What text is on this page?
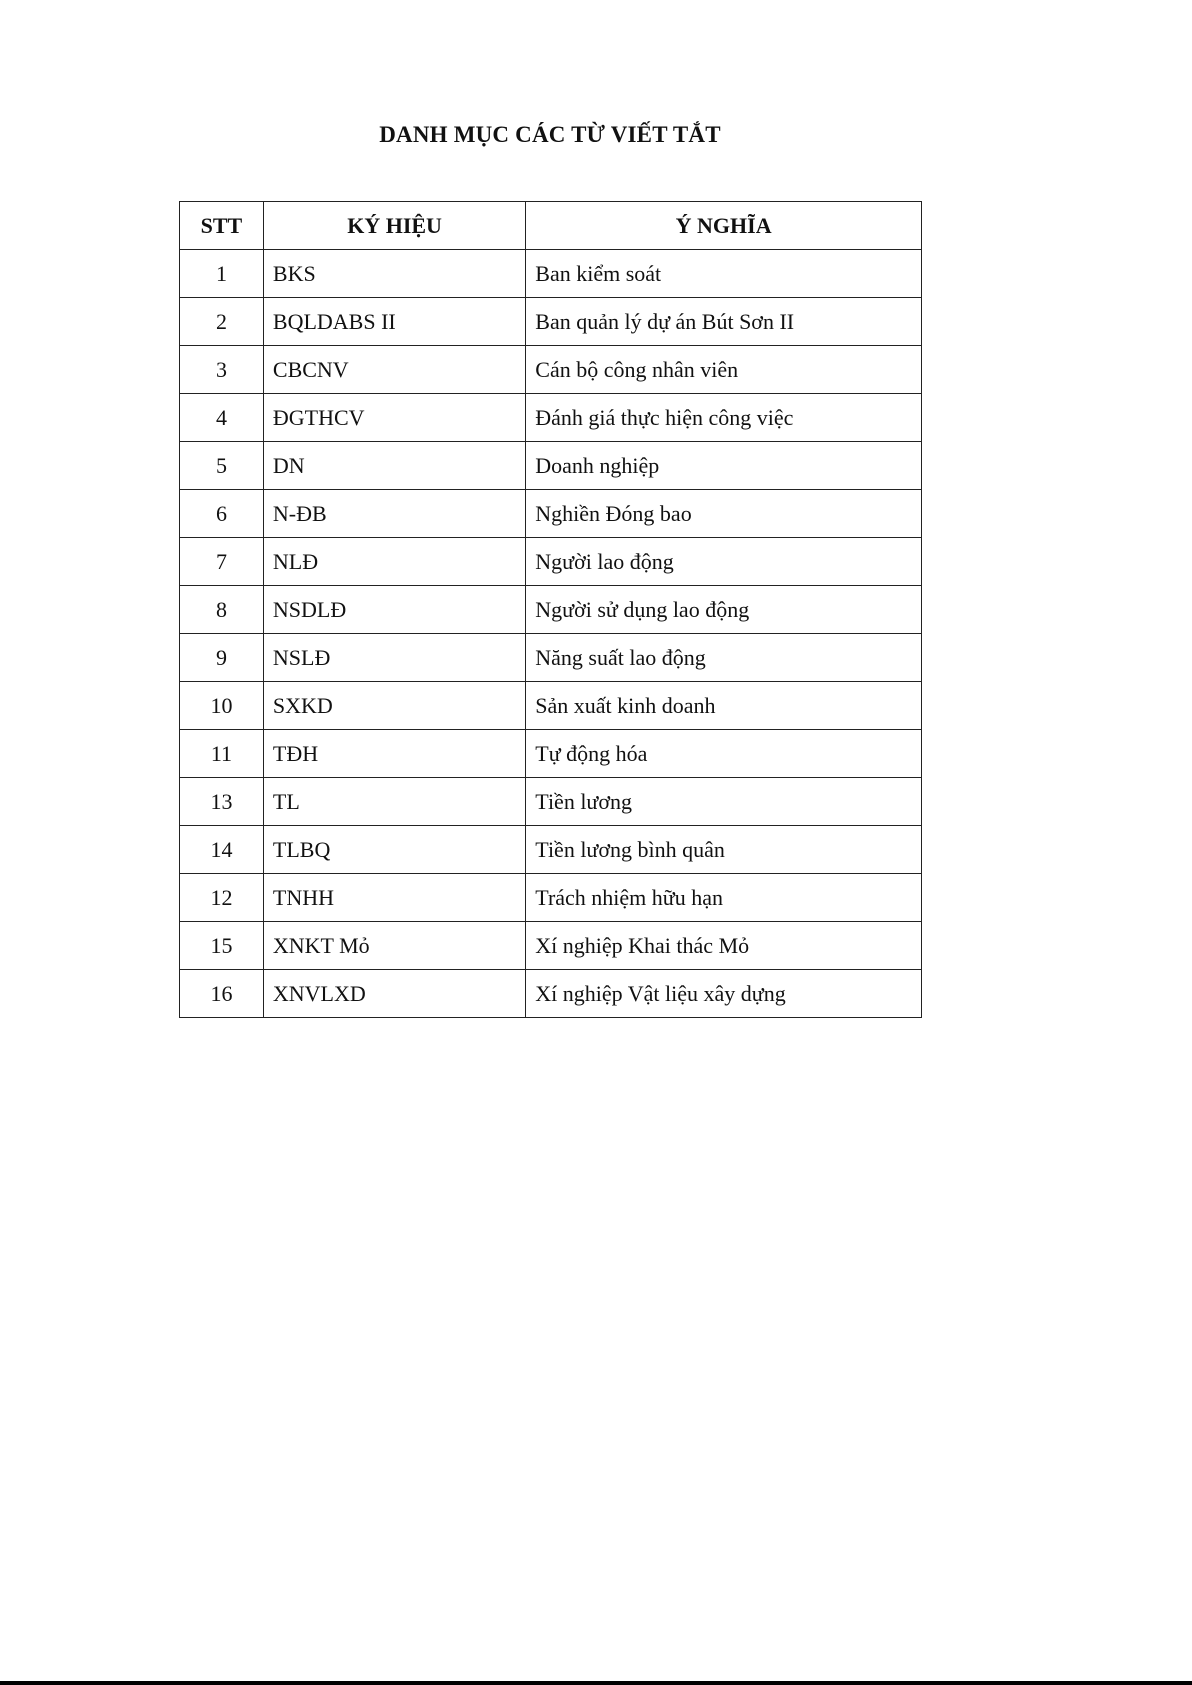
DANH MỤC CÁC TỪ VIẾT TẮT
STT	KÝ HIỆU	Ý NGHĨA
1	BKS	Ban kiểm soát
2	BQLDABS II	Ban quản lý dự án Bút Sơn II
3	CBCNV	Cán bộ công nhân viên
4	ĐGTHCV	Đánh giá thực hiện công việc
5	DN	Doanh nghiệp
6	N-ĐB	Nghiền Đóng bao
7	NLĐ	Người lao động
8	NSDLĐ	Người sử dụng lao động
9	NSLĐ	Năng suất lao động
10	SXKD	Sản xuất kinh doanh
11	TĐH	Tự động hóa
13	TL	Tiền lương
14	TLBQ	Tiền lương bình quân
12	TNHH	Trách nhiệm hữu hạn
15	XNKT Mỏ	Xí nghiệp Khai thác Mỏ
16	XNVLXD	Xí nghiệp Vật liệu xây dựng
